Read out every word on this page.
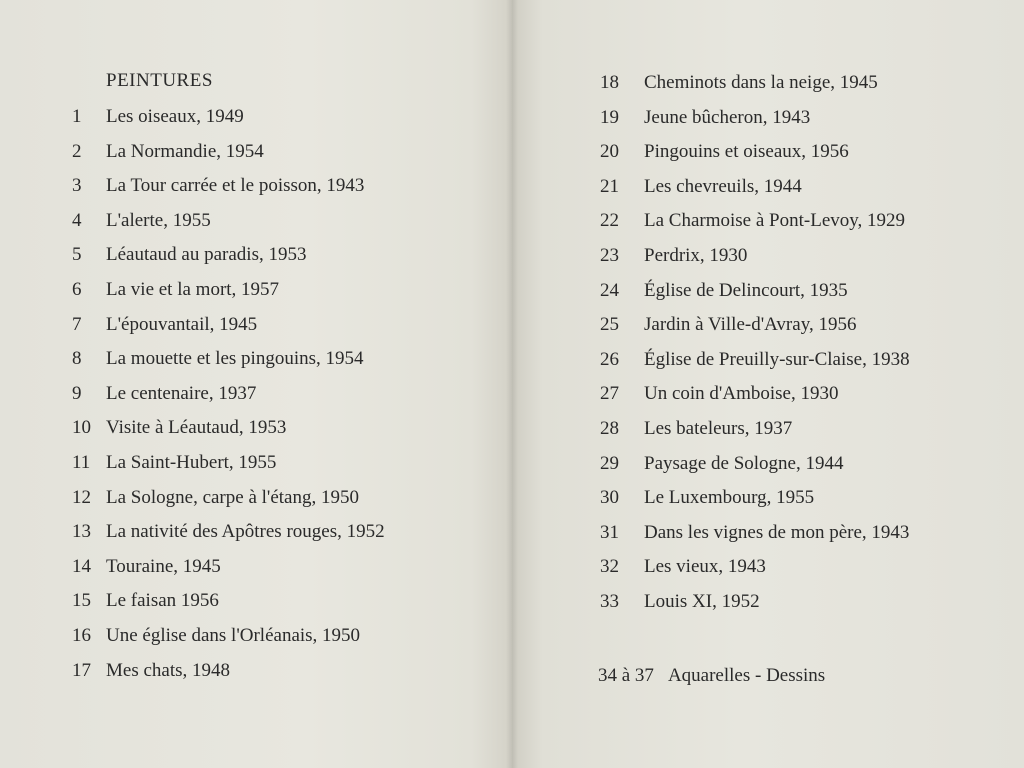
PEINTURES
1 Les oiseaux, 1949
2 La Normandie, 1954
3 La Tour carrée et le poisson, 1943
4 L'alerte, 1955
5 Léautaud au paradis, 1953
6 La vie et la mort, 1957
7 L'épouvantail, 1945
8 La mouette et les pingouins, 1954
9 Le centenaire, 1937
10 Visite à Léautaud, 1953
11 La Saint-Hubert, 1955
12 La Sologne, carpe à l'étang, 1950
13 La nativité des Apôtres rouges, 1952
14 Touraine, 1945
15 Le faisan 1956
16 Une église dans l'Orléanais, 1950
17 Mes chats, 1948
18 Cheminots dans la neige, 1945
19 Jeune bûcheron, 1943
20 Pingouins et oiseaux, 1956
21 Les chevreuils, 1944
22 La Charmoise à Pont-Levoy, 1929
23 Perdrix, 1930
24 Église de Delincourt, 1935
25 Jardin à Ville-d'Avray, 1956
26 Église de Preuilly-sur-Claise, 1938
27 Un coin d'Amboise, 1930
28 Les bateleurs, 1937
29 Paysage de Sologne, 1944
30 Le Luxembourg, 1955
31 Dans les vignes de mon père, 1943
32 Les vieux, 1943
33 Louis XI, 1952
34 à 37 Aquarelles - Dessins
